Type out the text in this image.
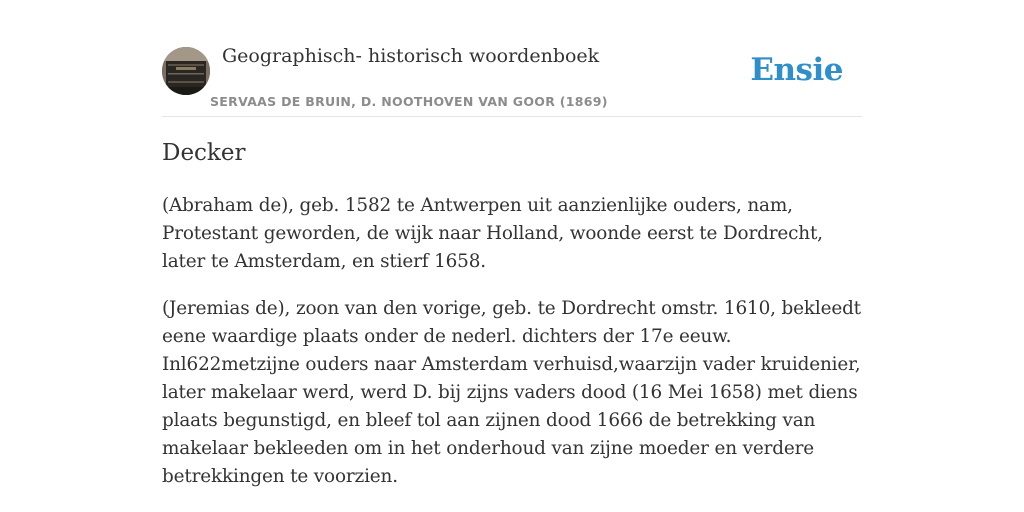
Geographisch- historisch woordenboek
SERVAAS DE BRUIN, D. NOOTHOVEN VAN GOOR (1869)
Ensie
Decker

(Abraham de), geb. 1582 te Antwerpen uit aanzienlijke ouders, nam, Protestant geworden, de wijk naar Holland, woonde eerst te Dordrecht, later te Amsterdam, en stierf 1658.

(Jeremias de), zoon van den vorige, geb. te Dordrecht omstr. 1610, bekleedt eene waardige plaats onder de nederl. dichters der 17e eeuw. Inl622metzijne ouders naar Amsterdam verhuisd,waarzijn vader kruidenier, later makelaar werd, werd D. bij zijns vaders dood (16 Mei 1658) met diens plaats begunstigd, en bleef tol aan zijnen dood 1666 de betrekking van makelaar bekleeden om in het onderhoud van zijne moeder en verdere betrekkingen te voorzien.
